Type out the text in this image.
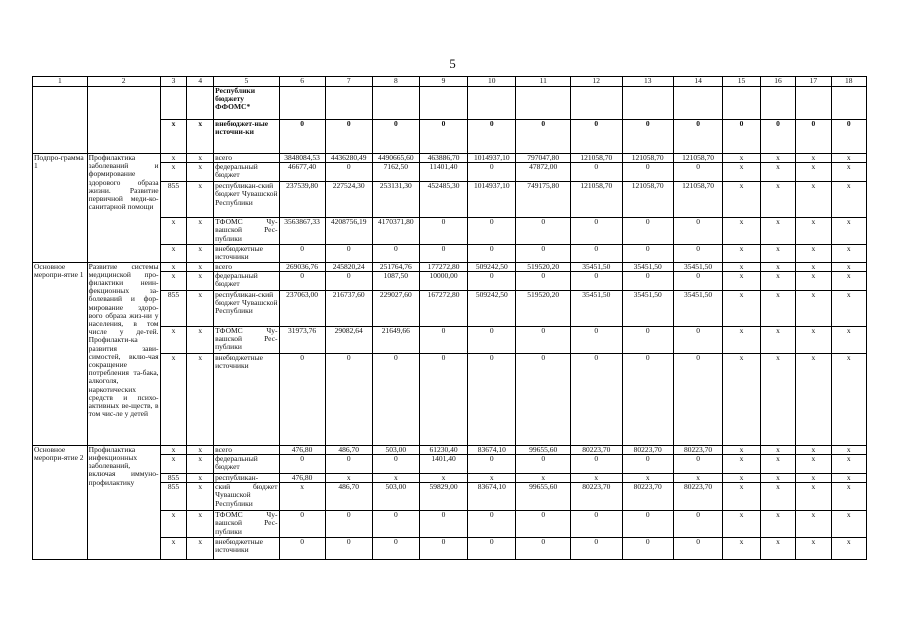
5
1	2	3	4	5	6	7	8	9	10	11	12	13	14	15	16	17	18
				Республики бюджету ФФОМС*													
		x	x	внебюджет-ные источни-ки	0	0	0	0	0	0	0	0	0	0	0	0	0
Подпро-грамма 1	Профилактика заболеваний и формирование здорового образа жизни. Развитие первичной меди-ко-санитарной помощи	x	x	всего	3848084,53	4436280,49	4490665,60	463886,70	1014937,10	797047,80	121058,70	121058,70	121058,70	x	x	x	x
		x	x	федеральный бюджет	46677,40	0	7162,50	11401,40	0	47872,00	0	0	0	x	x	x	x
		855	x	республикан-ский бюджет Чувашской Республики	237539,80	227524,30	253131,30	452485,30	1014937,10	749175,80	121058,70	121058,70	121058,70	x	x	x	x
		x	x	ТФОМС Чу-вашской Рес-публики	3563867,33	4208756,19	4170371,80	0	0	0	0	0	0	x	x	x	x
		x	x	внебюджетные источники	0	0	0	0	0	0	0	0	0	x	x	x	x
Основное меропри-ятие 1	Развитие системы медицинской про-филактики неин-фекционных за-болеваний и фор-мирование здоро-вого образа жиз-ни у населения, в том числе у де-тей. Профилакти-ка развития зави-симостей, вклю-чая сокращение потребления та-бака, алкоголя, наркотических средств и психо-активных ве-ществ, в том чис-ле у детей	x	x	всего	269036,76	245820,24	251764,76	177272,80	509242,50	519520,20	35451,50	35451,50	35451,50	x	x	x	x
		x	x	федеральный бюджет	0	0	1087,50	10000,00	0	0	0	0	0	x	x	x	x
		855	x	республикан-ский бюджет Чувашской Республики	237063,00	216737,60	229027,60	167272,80	509242,50	519520,20	35451,50	35451,50	35451,50	x	x	x	x
		x	x	ТФОМС Чу-вашской Рес-публики	31973,76	29082,64	21649,66	0	0	0	0	0	0	x	x	x	x
		x	x	внебюджетные источники	0	0	0	0	0	0	0	0	0	x	x	x	x
Основное меропри-ятие 2	Профилактика инфекционных заболеваний, включая иммуно-профилактику	x	x	всего	476,80	486,70	503,00	61230,40	83674,10	99655,60	80223,70	80223,70	80223,70	x	x	x	x
		x	x	федеральный бюджет	0	0	0	1401,40	0	0	0	0	0	x	x	x	x
		855	x	республикан-	476,80	x	x	x	x	x	x	x	x	x	x	x	x
		855	x	ский бюджет Чувашской Республики	x	486,70	503,00	59829,00	83674,10	99655,60	80223,70	80223,70	80223,70	x	x	x	x
		x	x	ТФОМС Чу-вашской Рес-публики	0	0	0	0	0	0	0	0	0	x	x	x	x
		x	x	внебюджетные источники	0	0	0	0	0	0	0	0	0	x	x	x	x
